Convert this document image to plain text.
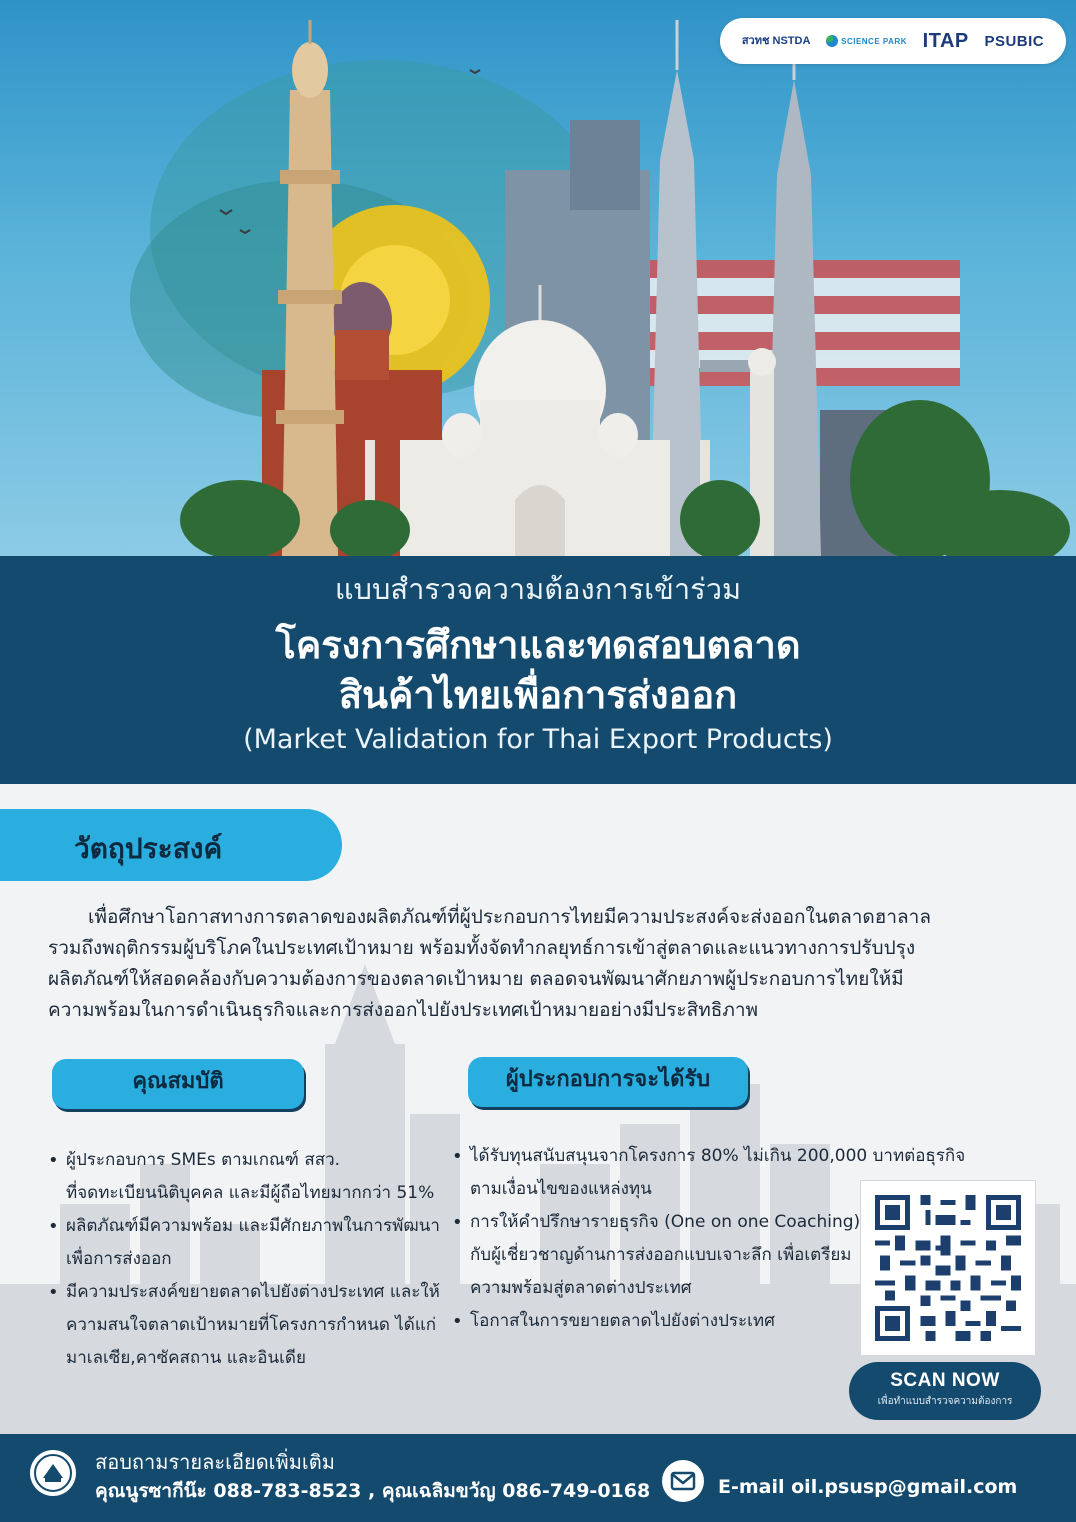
สวทช NSTDA	SCIENCE PARK ITAP PSUBIC
แบบสำรวจความต้องการเข้าร่วม
โครงการศึกษาและทดสอบตลาด
สินค้าไทยเพื่อการส่งออก
(Market Validation for Thai Export Products)
วัตถุประสงค์

เพื่อศึกษาโอกาสทางการตลาดของผลิตภัณฑ์ที่ผู้ประกอบการไทยมีความประสงค์จะส่งออกในตลาดฮาลาล

รวมถึงพฤติกรรมผู้บริโภคในประเทศเป้าหมาย พร้อมทั้งจัดทำกลยุทธ์การเข้าสู่ตลาดและแนวทางการปรับปรุง

ผลิตภัณฑ์ให้สอดคล้องกับความต้องการของตลาดเป้าหมาย ตลอดจนพัฒนาศักยภาพผู้ประกอบการไทยให้มี

ความพร้อมในการดำเนินธุรกิจและการส่งออกไปยังประเทศเป้าหมายอย่างมีประสิทธิภาพ

คุณสมบัติ	ผู้ประกอบการจะได้รับ
• ผู้ประกอบการ SMEs ตามเกณฑ์ สสว.
ที่จดทะเบียนนิติบุคคล และมีผู้ถือไทยมากกว่า 51%
• ผลิตภัณฑ์มีความพร้อม และมีศักยภาพในการพัฒนา
เพื่อการส่งออก
• มีความประสงค์ขยายตลาดไปยังต่างประเทศ และให้
ความสนใจตลาดเป้าหมายที่โครงการกำหนด ได้แก่
มาเลเซีย,คาซัคสถาน และอินเดีย
• ได้รับทุนสนับสนุนจากโครงการ 80% ไม่เกิน 200,000 บาทต่อธุรกิจ
ตามเงื่อนไขของแหล่งทุน
• การให้คำปรึกษารายธุรกิจ (One on one Coaching)
กับผู้เชี่ยวชาญด้านการส่งออกแบบเจาะลึก เพื่อเตรียม
ความพร้อมสู่ตลาดต่างประเทศ
• โอกาสในการขยายตลาดไปยังต่างประเทศ
SCAN NOW
เพื่อทำแบบสำรวจความต้องการ
สอบถามรายละเอียดเพิ่มเติม
คุณนูรซากีน๊ะ 088-783-8523 , คุณเฉลิมขวัญ 086-749-0168	E-mail oil.psusp@gmail.com
